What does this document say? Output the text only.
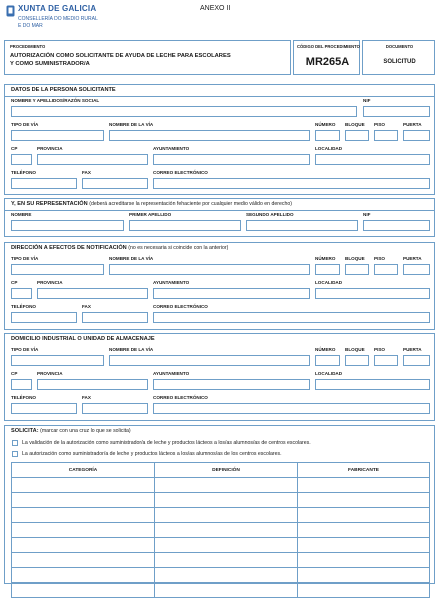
XUNTA DE GALICIA
CONSELLERÍA DO MEDIO RURAL
E DO MAR
ANEXO II
PROCEDIMIENTO
AUTORIZACIÓN COMO SOLICITANTE DE AYUDA DE LECHE PARA ESCOLARES
Y COMO SUMINISTRADOR/A
CÓDIGO DEL PROCEDIMIENTO
MR265A
DOCUMENTO
SOLICITUD
DATOS DE LA PERSONA SOLICITANTE
NOMBRE Y APELLIDOS/RAZÓN SOCIAL	NIF
TIPO DE VÍA	NOMBRE DE LA VÍA	NÚMERO BLOQUE PISO	PUERTA
CP	PROVINCIA	AYUNTAMIENTO	LOCALIDAD
TELÉFONO	FAX	CORREO ELECTRÓNICO
Y, EN SU REPRESENTACIÓN (deberá acreditarse la representación fehaciente por cualquier medio válido en derecho)
NOMBRE	PRIMER APELLIDO	SEGUNDO APELLIDO	NIF
DIRECCIÓN A EFECTOS DE NOTIFICACIÓN (no es necesaria si coincide con la anterior)
TIPO DE VÍA	NOMBRE DE LA VÍA	NÚMERO BLOQUE PISO	PUERTA
CP	PROVINCIA	AYUNTAMIENTO	LOCALIDAD
TELÉFONO	FAX	CORREO ELECTRÓNICO
DOMICILIO INDUSTRIAL O UNIDAD DE ALMACENAJE
TIPO DE VÍA	NOMBRE DE LA VÍA	NÚMERO BLOQUE PISO	PUERTA
CP	PROVINCIA	AYUNTAMIENTO	LOCALIDAD
TELÉFONO	FAX	CORREO ELECTRÓNICO
SOLICITA: (marcar con una cruz lo que se solicita)
La validación de la autorización como suministrador/a de leche y productos lácteos a los/as alumnos/as de centros escolares.
La autorización como suministrador/a de leche y productos lácteos a los/as alumnos/as de los centros escolares.
CATEGORÍA	DEFINICIÓN	FABRICANTE
